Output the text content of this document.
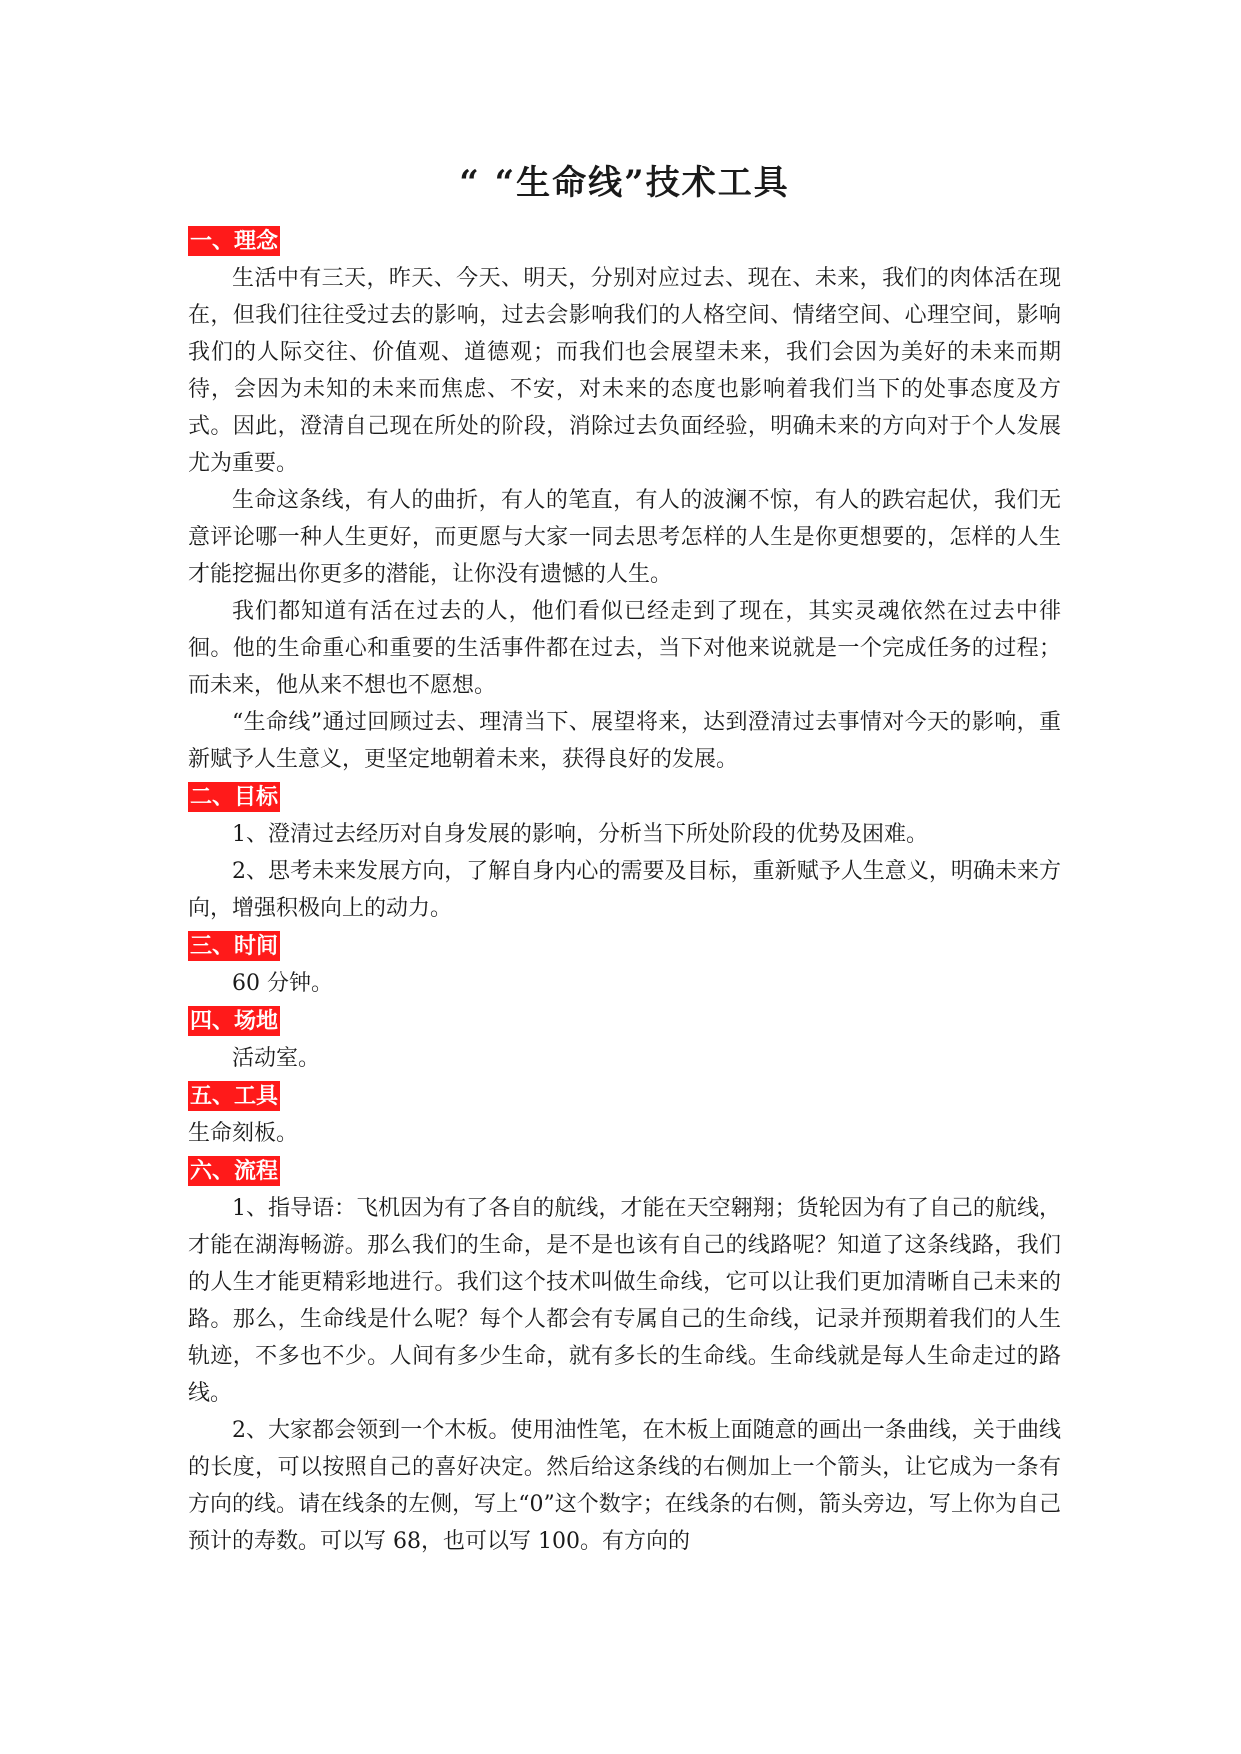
“ “生命线”技术工具
一、理念

生活中有三天，昨天、今天、明天，分别对应过去、现在、未来，我们的肉体活在现在，但我们往往受过去的影响，过去会影响我们的人格空间、情绪空间、心理空间，影响我们的人际交往、价值观、道德观；而我们也会展望未来，我们会因为美好的未来而期待，会因为未知的未来而焦虑、不安，对未来的态度也影响着我们当下的处事态度及方式。因此，澄清自己现在所处的阶段，消除过去负面经验，明确未来的方向对于个人发展尤为重要。

生命这条线，有人的曲折，有人的笔直，有人的波澜不惊，有人的跌宕起伏，我们无意评论哪一种人生更好，而更愿与大家一同去思考怎样的人生是你更想要的，怎样的人生才能挖掘出你更多的潜能，让你没有遗憾的人生。

我们都知道有活在过去的人，他们看似已经走到了现在，其实灵魂依然在过去中徘徊。他的生命重心和重要的生活事件都在过去，当下对他来说就是一个完成任务的过程；而未来，他从来不想也不愿想。

“生命线”通过回顾过去、理清当下、展望将来，达到澄清过去事情对今天的影响，重新赋予人生意义，更坚定地朝着未来，获得良好的发展。

二、目标

1、澄清过去经历对自身发展的影响，分析当下所处阶段的优势及困难。

2、思考未来发展方向，了解自身内心的需要及目标，重新赋予人生意义，明确未来方向，增强积极向上的动力。

三、时间

60 分钟。

四、场地

活动室。

五、工具

生命刻板。

六、流程

1、指导语：飞机因为有了各自的航线，才能在天空翱翔；货轮因为有了自己的航线，才能在湖海畅游。那么我们的生命，是不是也该有自己的线路呢？知道了这条线路，我们的人生才能更精彩地进行。我们这个技术叫做生命线，它可以让我们更加清晰自己未来的路。那么，生命线是什么呢？每个人都会有专属自己的生命线，记录并预期着我们的人生轨迹，不多也不少。人间有多少生命，就有多长的生命线。生命线就是每人生命走过的路线。

2、大家都会领到一个木板。使用油性笔，在木板上面随意的画出一条曲线，关于曲线的长度，可以按照自己的喜好决定。然后给这条线的右侧加上一个箭头，让它成为一条有方向的线。请在线条的左侧，写上“0”这个数字；在线条的右侧，箭头旁边，写上你为自己预计的寿数。可以写 68，也可以写 100。有方向的
